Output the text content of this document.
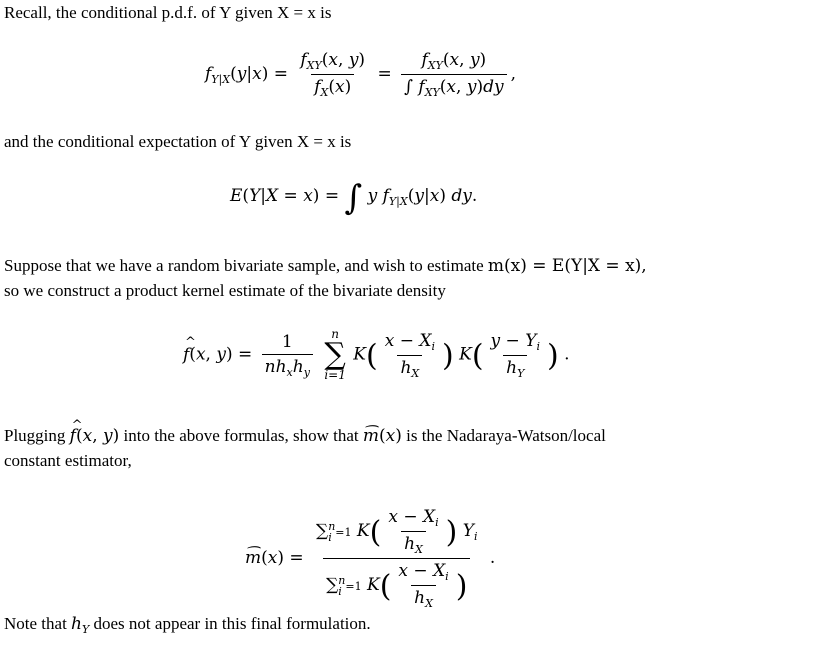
Recall, the conditional p.d.f. of Y given X = x is
$f_{Y|X}(y|x) = \frac{f_{XY}(x, y)}{f_X(x)} = \frac{f_{XY}(x, y)}{\int f_{XY}(x, y)dy}$ ,
and the conditional expectation of Y given X = x is
E(Y|X = x) = ∫ y $f_{Y|X}(y|x)$ dy.
Suppose that we have a random bivariate sample, and wish to estimate m(x) = E(Y|X = x),
so we construct a product kernel estimate of the bivariate density
^ f(x, $y) = \frac{1}{nh_xh_y}$
n
∑
i=1
$K( \frac{x - X_i}{h_X}$ ) $K( \frac{y - Y_i}{h_Y}$ ) .
Plugging ^ f(x, y) into the above formulas, show that ⌢ m(x) is the Nadaraya-Watson/local
constant estimator,
⌢ m(x) = ∑ n
i =1 $K( \frac{x - X_i}{h_X}$ ) $Y_i$
∑ n
i =1 $K( \frac{x - X_i}{h_X}$ ) .
Note that $h_Y$ does not appear in this final formulation.
